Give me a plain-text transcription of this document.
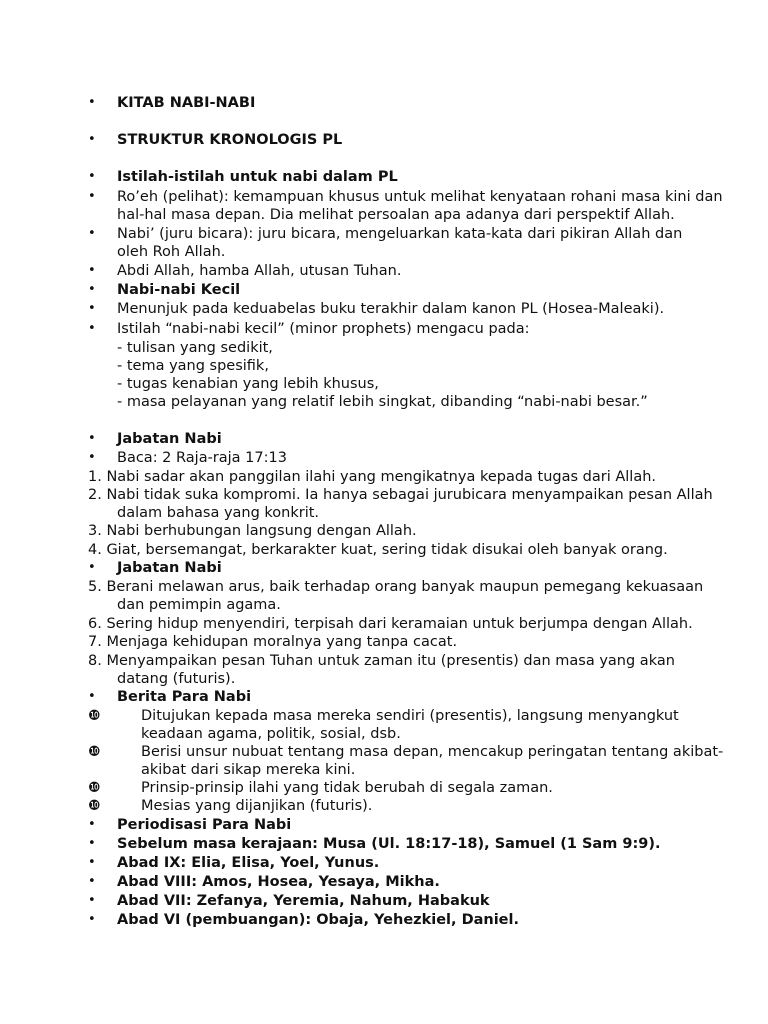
• KITAB NABI-NABI
• STRUKTUR KRONOLOGIS PL
• Istilah-istilah untuk nabi dalam PL
• Ro’eh (pelihat): kemampuan khusus untuk melihat kenyataan rohani masa kini dan
hal-hal masa depan. Dia melihat persoalan apa adanya dari perspektif Allah.
• Nabi’ (juru bicara): juru bicara, mengeluarkan kata-kata dari pikiran Allah dan
oleh Roh Allah.
• Abdi Allah, hamba Allah, utusan Tuhan.
• Nabi-nabi Kecil
• Menunjuk pada keduabelas buku terakhir dalam kanon PL (Hosea-Maleaki).
• Istilah “nabi-nabi kecil” (minor prophets) mengacu pada:
- tulisan yang sedikit,
- tema yang spesifik,
- tugas kenabian yang lebih khusus,
- masa pelayanan yang relatif lebih singkat, dibanding “nabi-nabi besar.”
• Jabatan Nabi
• Baca: 2 Raja-raja 17:13
1. Nabi sadar akan panggilan ilahi yang mengikatnya kepada tugas dari Allah.
2. Nabi tidak suka kompromi. Ia hanya sebagai jurubicara menyampaikan pesan Allah
dalam bahasa yang konkrit.
3. Nabi berhubungan langsung dengan Allah.
4. Giat, bersemangat, berkarakter kuat, sering tidak disukai oleh banyak orang.
• Jabatan Nabi
5. Berani melawan arus, baik terhadap orang banyak maupun pemegang kekuasaan
dan pemimpin agama.
6. Sering hidup menyendiri, terpisah dari keramaian untuk berjumpa dengan Allah.
7. Menjaga kehidupan moralnya yang tanpa cacat.
8. Menyampaikan pesan Tuhan untuk zaman itu (presentis) dan masa yang akan
datang (futuris).
• Berita Para Nabi
❿	Ditujukan kepada masa mereka sendiri (presentis), langsung menyangkut
keadaan agama, politik, sosial, dsb.
❿	Berisi unsur nubuat tentang masa depan, mencakup peringatan tentang akibat-
akibat dari sikap mereka kini.
❿	Prinsip-prinsip ilahi yang tidak berubah di segala zaman.
❿	Mesias yang dijanjikan (futuris).
• Periodisasi Para Nabi
• Sebelum masa kerajaan: Musa (Ul. 18:17-18), Samuel (1 Sam 9:9).
• Abad IX: Elia, Elisa, Yoel, Yunus.
• Abad VIII: Amos, Hosea, Yesaya, Mikha.
• Abad VII: Zefanya, Yeremia, Nahum, Habakuk
• Abad VI (pembuangan): Obaja, Yehezkiel, Daniel.
